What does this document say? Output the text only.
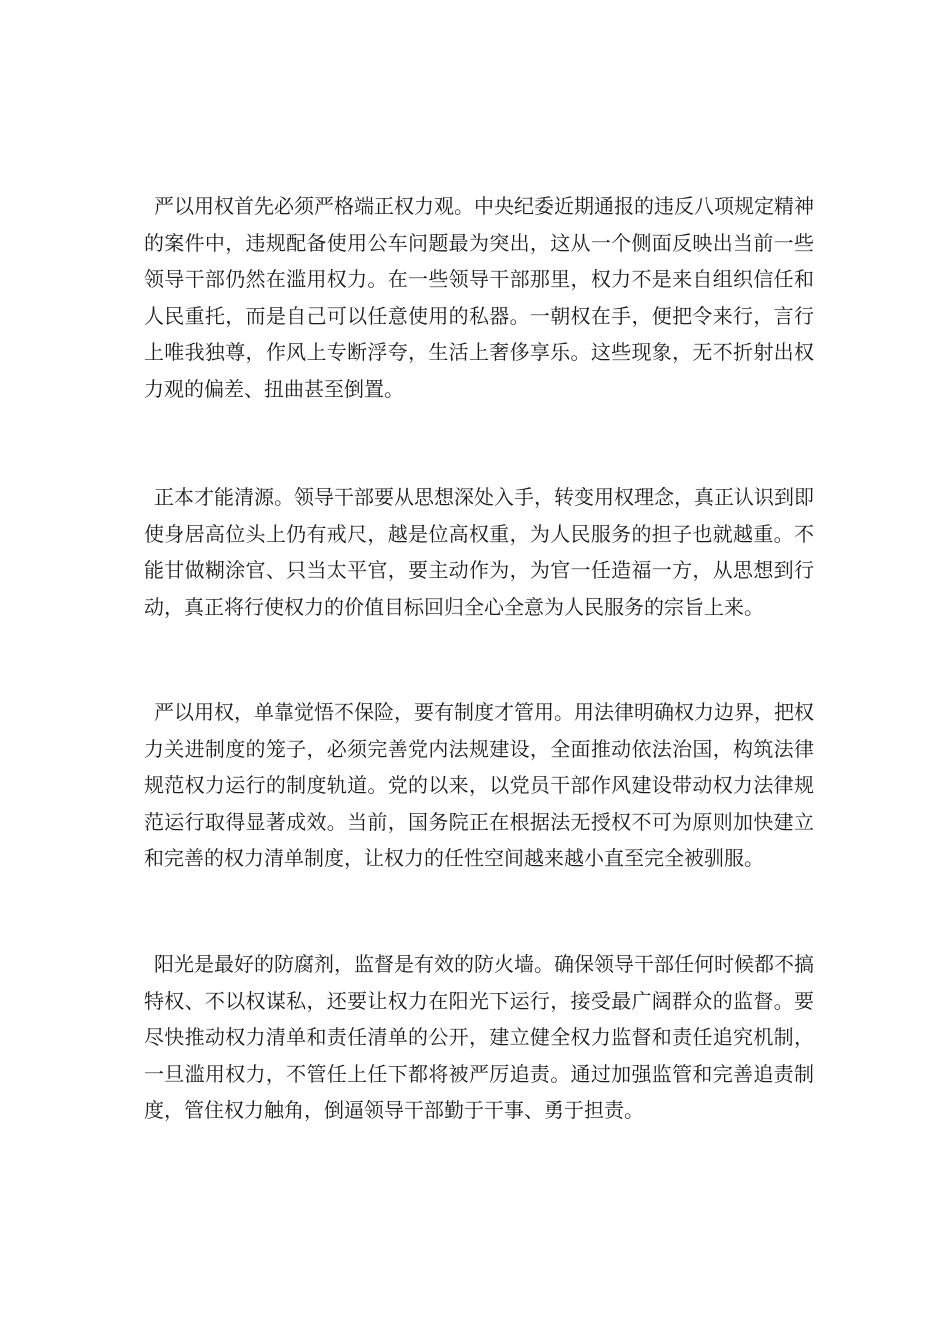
严以用权首先必须严格端正权力观。中央纪委近期通报的违反八项规定精神的案件中，违规配备使用公车问题最为突出，这从一个侧面反映出当前一些领导干部仍然在滥用权力。在一些领导干部那里，权力不是来自组织信任和人民重托，而是自己可以任意使用的私器。一朝权在手，便把令来行，言行上唯我独尊，作风上专断浮夸，生活上奢侈享乐。这些现象，无不折射出权力观的偏差、扭曲甚至倒置。

正本才能清源。领导干部要从思想深处入手，转变用权理念，真正认识到即使身居高位头上仍有戒尺，越是位高权重，为人民服务的担子也就越重。不能甘做糊涂官、只当太平官，要主动作为，为官一任造福一方，从思想到行动，真正将行使权力的价值目标回归全心全意为人民服务的宗旨上来。

严以用权，单靠觉悟不保险，要有制度才管用。用法律明确权力边界，把权力关进制度的笼子，必须完善党内法规建设，全面推动依法治国，构筑法律规范权力运行的制度轨道。党的以来，以党员干部作风建设带动权力法律规范运行取得显著成效。当前，国务院正在根据法无授权不可为原则加快建立和完善的权力清单制度，让权力的任性空间越来越小直至完全被驯服。

阳光是最好的防腐剂，监督是有效的防火墙。确保领导干部任何时候都不搞特权、不以权谋私，还要让权力在阳光下运行，接受最广阔群众的监督。要尽快推动权力清单和责任清单的公开，建立健全权力监督和责任追究机制，一旦滥用权力，不管任上任下都将被严厉追责。通过加强监管和完善追责制度，管住权力触角，倒逼领导干部勤于干事、勇于担责。
